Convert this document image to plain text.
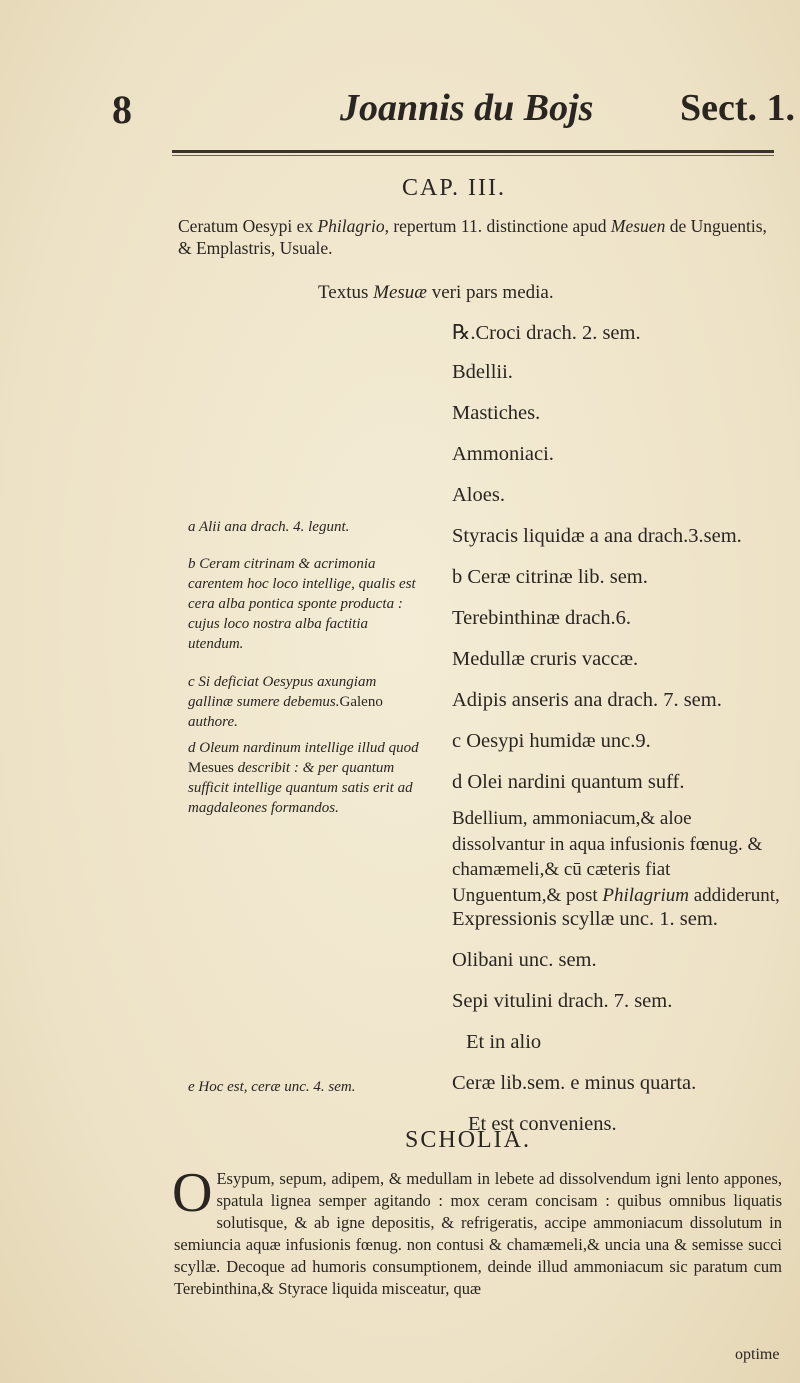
8	Joannis du Bojs Sect. 1.
CAP. III.
Ceratum Oesypi ex Philagrio, repertum 11. distinctione apud Mesuen de Unguentis, & Emplastris, Usuale.
Textus Mesuæ veri pars media.
℞.Croci drach. 2. sem.
Bdellii.
Mastiches.
Ammoniaci.
Aloes.
Styracis liquidæ a ana drach.3.sem.
b Ceræ citrinæ lib. sem.
Terebinthinæ drach.6.
Medullæ cruris vaccæ.
Adipis anseris ana drach. 7. sem.
c Oesypi humidæ unc.9.
d Olei nardini quantum suff.
Bdellium, ammoniacum,& aloe dissolvantur in aqua infusionis fœnug. & chamæmeli,& cū cæteris fiat Unguentum,& post Philagrium addiderunt,
Expressionis scyllæ unc. 1. sem.
Olibani unc. sem.
Sepi vitulini drach. 7. sem.
Et in alio
Ceræ lib.sem. e minus quarta.
Et est conveniens.
a Alii ana drach. 4. legunt.
b Ceram citrinam & acrimonia carentem hoc loco intellige, qualis est cera alba pontica sponte producta : cujus loco nostra alba factitia utendum.
c Si deficiat Oesypus axungiam gallinæ sumere debemus.Galeno authore.
d Oleum nardinum intellige illud quod Mesues describit : & per quantum sufficit intellige quantum satis erit ad magdaleones formandos.
e Hoc est, ceræ unc. 4. sem.
SCHOLIA.
O Esypum, sepum, adipem, & medullam in lebete ad dissolvendum igni lento appones, spatula lignea semper agitando : mox ceram concisam : quibus omnibus liquatis solutisque, & ab igne depositis, & refrigeratis, accipe ammoniacum dissolutum in semiuncia aquæ infusionis fœnug. non contusi & chamæmeli,& uncia una & semisse succi scyllæ. Decoque ad humoris consumptionem, deinde illud ammoniacum sic paratum cum Terebinthina,& Styrace liquida misceatur, quæ
optime
